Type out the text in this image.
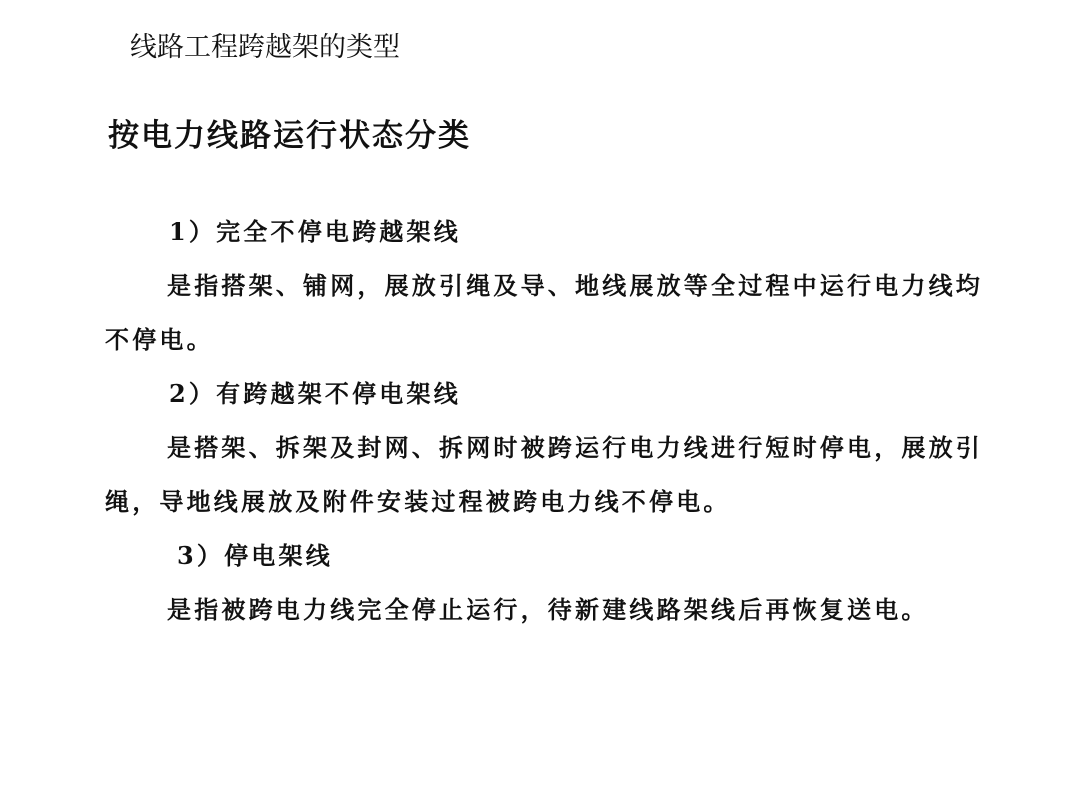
线路工程跨越架的类型
按电力线路运行状态分类

1）完全不停电跨越架线

是指搭架、铺网，展放引绳及导、地线展放等全过程中运行电力线均不停电。

2）有跨越架不停电架线

是搭架、拆架及封网、拆网时被跨运行电力线进行短时停电，展放引绳，导地线展放及附件安装过程被跨电力线不停电。

3）停电架线

是指被跨电力线完全停止运行，待新建线路架线后再恢复送电。
